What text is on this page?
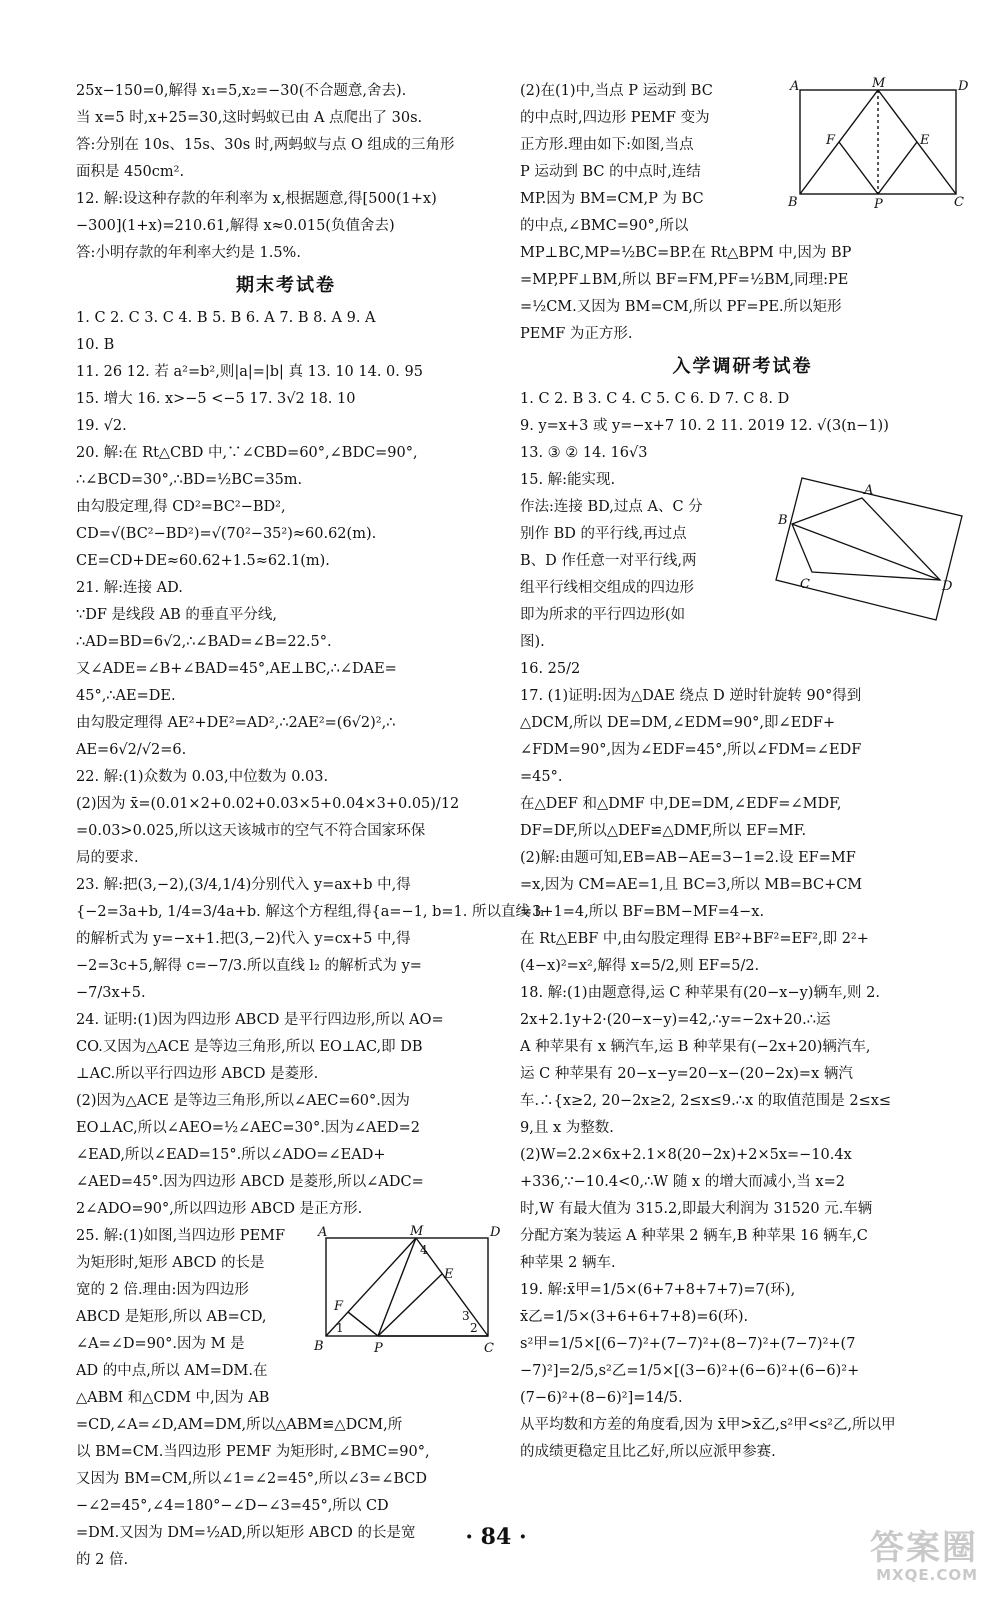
25x−150=0,解得 x₁=5,x₂=−30(不合题意,舍去).
当 x=5 时,x+25=30,这时蚂蚁已由 A 点爬出了 30s.
答:分别在 10s、15s、30s 时,两蚂蚁与点 O 组成的三角形
面积是 450cm².
12. 解:设这种存款的年利率为 x,根据题意,得[500(1+x)
−300](1+x)=210.61,解得 x≈0.015(负值舍去)
答:小明存款的年利率大约是 1.5%.
期末考试卷
1. C 2. C 3. C 4. B 5. B 6. A 7. B 8. A 9. A
10. B
11. 26 12. 若 a²=b²,则|a|=|b| 真 13. 10 14. 0. 95
15. 增大 16. x>−5 <−5 17. 3√2 18. 10
19. √2.
20. 解:在 Rt△CBD 中,∵∠CBD=60°,∠BDC=90°,
∴∠BCD=30°,∴BD=½BC=35m.
由勾股定理,得 CD²=BC²−BD²,
CD=√(BC²−BD²)=√(70²−35²)≈60.62(m).
CE=CD+DE≈60.62+1.5≈62.1(m).
21. 解:连接 AD.
∵DF 是线段 AB 的垂直平分线,
∴AD=BD=6√2,∴∠BAD=∠B=22.5°.
又∠ADE=∠B+∠BAD=45°,AE⊥BC,∴∠DAE=
45°,∴AE=DE.
由勾股定理得 AE²+DE²=AD²,∴2AE²=(6√2)²,∴
AE=6√2/√2=6.
22. 解:(1)众数为 0.03,中位数为 0.03.
(2)因为 x̄=(0.01×2+0.02+0.03×5+0.04×3+0.05)/12
=0.03>0.025,所以这天该城市的空气不符合国家环保
局的要求.
23. 解:把(3,−2),(3/4,1/4)分别代入 y=ax+b 中,得
{−2=3a+b, 1/4=3/4a+b. 解这个方程组,得{a=−1, b=1. 所以直线 l₁
的解析式为 y=−x+1.把(3,−2)代入 y=cx+5 中,得
−2=3c+5,解得 c=−7/3.所以直线 l₂ 的解析式为 y=
−7/3x+5.
24. 证明:(1)因为四边形 ABCD 是平行四边形,所以 AO=
CO.又因为△ACE 是等边三角形,所以 EO⊥AC,即 DB
⊥AC.所以平行四边形 ABCD 是菱形.
(2)因为△ACE 是等边三角形,所以∠AEC=60°.因为
EO⊥AC,所以∠AEO=½∠AEC=30°.因为∠AED=2
∠EAD,所以∠EAD=15°.所以∠ADO=∠EAD+
∠AED=45°.因为四边形 ABCD 是菱形,所以∠ADC=
2∠ADO=90°,所以四边形 ABCD 是正方形.
25. 解:(1)如图,当四边形 PEMF
为矩形时,矩形 ABCD 的长是
宽的 2 倍.理由:因为四边形
ABCD 是矩形,所以 AB=CD,
∠A=∠D=90°.因为 M 是
AD 的中点,所以 AM=DM.在
△ABM 和△CDM 中,因为 AB
=CD,∠A=∠D,AM=DM,所以△ABM≌△DCM,所
以 BM=CM.当四边形 PEMF 为矩形时,∠BMC=90°,
又因为 BM=CM,所以∠1=∠2=45°,所以∠3=∠BCD
−∠2=45°,∠4=180°−∠D−∠3=45°,所以 CD
=DM.又因为 DM=½AD,所以矩形 ABCD 的长是宽
的 2 倍.
A	M	D
B	P	C
F
E
4
1	2
3
(2)在(1)中,当点 P 运动到 BC
的中点时,四边形 PEMF 变为
正方形.理由如下:如图,当点
P 运动到 BC 的中点时,连结
MP.因为 BM=CM,P 为 BC
的中点,∠BMC=90°,所以
MP⊥BC,MP=½BC=BP.在 Rt△BPM 中,因为 BP
=MP,PF⊥BM,所以 BF=FM,PF=½BM,同理:PE
=½CM.又因为 BM=CM,所以 PF=PE.所以矩形
PEMF 为正方形.
入学调研考试卷
1. C 2. B 3. C 4. C 5. C 6. D 7. C 8. D
9. y=x+3 或 y=−x+7 10. 2 11. 2019 12. √(3(n−1))
13. ③ ② 14. 16√3
15. 解:能实现.
作法:连接 BD,过点 A、C 分
别作 BD 的平行线,再过点
B、D 作任意一对平行线,两
组平行线相交组成的四边形
即为所求的平行四边形(如
图).
16. 25/2
17. (1)证明:因为△DAE 绕点 D 逆时针旋转 90°得到
△DCM,所以 DE=DM,∠EDM=90°,即∠EDF+
∠FDM=90°,因为∠EDF=45°,所以∠FDM=∠EDF
=45°.
在△DEF 和△DMF 中,DE=DM,∠EDF=∠MDF,
DF=DF,所以△DEF≌△DMF,所以 EF=MF.
(2)解:由题可知,EB=AB−AE=3−1=2.设 EF=MF
=x,因为 CM=AE=1,且 BC=3,所以 MB=BC+CM
=3+1=4,所以 BF=BM−MF=4−x.
在 Rt△EBF 中,由勾股定理得 EB²+BF²=EF²,即 2²+
(4−x)²=x²,解得 x=5/2,则 EF=5/2.
18. 解:(1)由题意得,运 C 种苹果有(20−x−y)辆车,则 2.
2x+2.1y+2·(20−x−y)=42,∴y=−2x+20.∴运
A 种苹果有 x 辆汽车,运 B 种苹果有(−2x+20)辆汽车,
运 C 种苹果有 20−x−y=20−x−(20−2x)=x 辆汽
车.∴{x≥2, 20−2x≥2, 2≤x≤9.∴x 的取值范围是 2≤x≤
9,且 x 为整数.
(2)W=2.2×6x+2.1×8(20−2x)+2×5x=−10.4x
+336,∵−10.4<0,∴W 随 x 的增大而减小,当 x=2
时,W 有最大值为 315.2,即最大利润为 31520 元.车辆
分配方案为装运 A 种苹果 2 辆车,B 种苹果 16 辆车,C
种苹果 2 辆车.
19. 解:x̄甲=1/5×(6+7+8+7+7)=7(环),
x̄乙=1/5×(3+6+6+7+8)=6(环).
s²甲=1/5×[(6−7)²+(7−7)²+(8−7)²+(7−7)²+(7
−7)²]=2/5,s²乙=1/5×[(3−6)²+(6−6)²+(6−6)²+
(7−6)²+(8−6)²]=14/5.
从平均数和方差的角度看,因为 x̄甲>x̄乙,s²甲<s²乙,所以甲
的成绩更稳定且比乙好,所以应派甲参赛.
A	M	D
B	P	C
F	E
A
B
C	D
· 84 ·	答案圈
MXQE.COM
